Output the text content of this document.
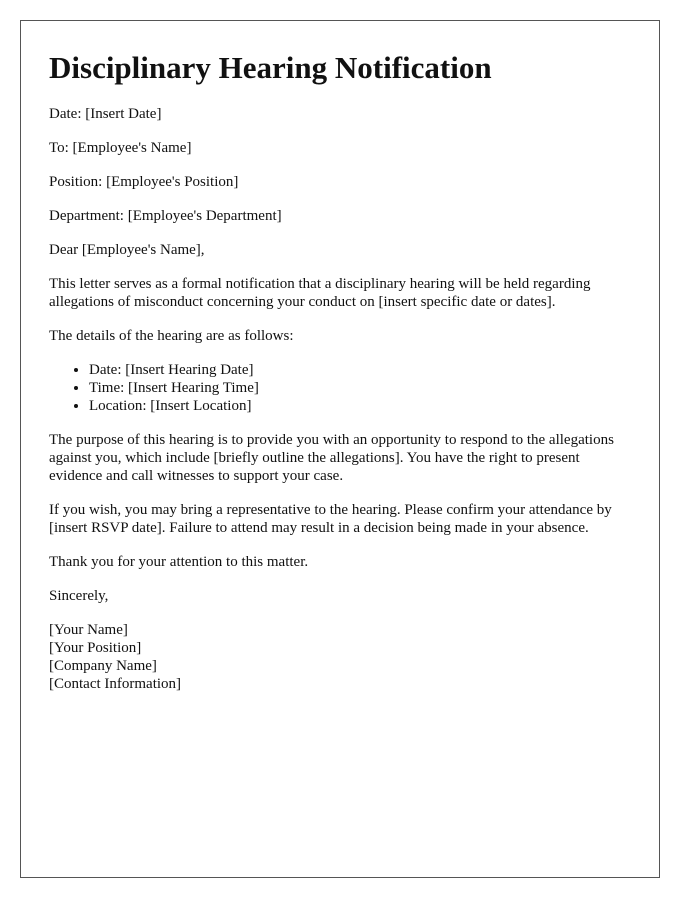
Disciplinary Hearing Notification

Date: [Insert Date]

To: [Employee's Name]

Position: [Employee's Position]

Department: [Employee's Department]

Dear [Employee's Name],

This letter serves as a formal notification that a disciplinary hearing will be held regarding allegations of misconduct concerning your conduct on [insert specific date or dates].

The details of the hearing are as follows:

• Date: [Insert Hearing Date]
• Time: [Insert Hearing Time]
• Location: [Insert Location]

The purpose of this hearing is to provide you with an opportunity to respond to the allegations against you, which include [briefly outline the allegations]. You have the right to present evidence and call witnesses to support your case.

If you wish, you may bring a representative to the hearing. Please confirm your attendance by [insert RSVP date]. Failure to attend may result in a decision being made in your absence.

Thank you for your attention to this matter.

Sincerely,

[Your Name]
[Your Position]
[Company Name]
[Contact Information]
